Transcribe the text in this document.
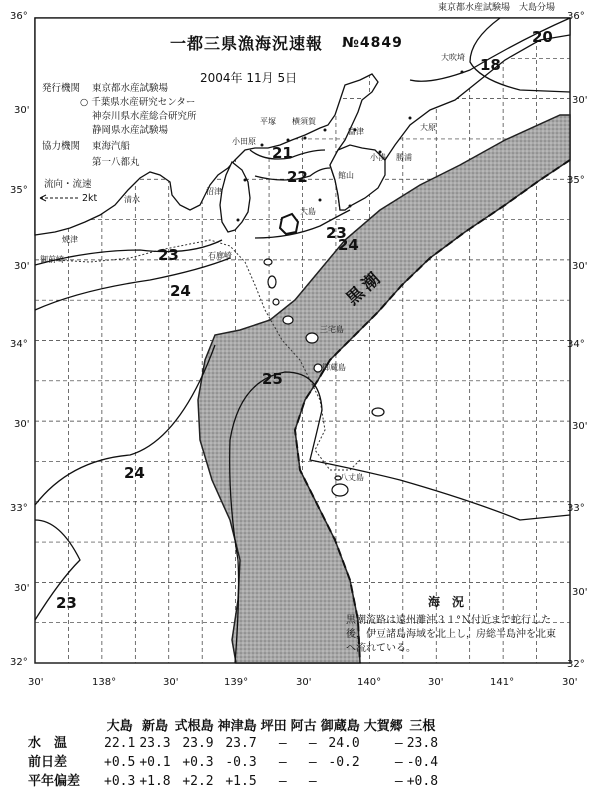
東京都水産試験場　大島分場
一都三県漁海況速報 №4849
2004年 11月 5日
発行機関 東京都水産試験場
○ 千葉県水産研究センター
神奈川県水産総合研究所
静岡県水産試験場
協力機関 東海汽船
第一八都丸
流向・流速
2kt
36°
30'
35°
30'
34°
30'
33°
30'
32°
36°
30'
35°
30'
34°
30'
33°
30'
32°
30'	138°	30'	139°	30'	140°	30'	141°	30'
20
18
21
22
23
24
23
24
25
24
23
黒潮
大吹埼
大原
小湊 勝浦
館山
平塚 横須賀
小田原
富津
大島
八丈島
御蔵島
三宅島
焼津
御前崎
清水
沼津
石廊崎
海　況
黒潮流路は遠州灘沖３１°Ｎ付近まで蛇行した後，伊豆諸島海域を北上し，房総半島沖を北東へ流れている。
	大島	新島	式根島	神津島	坪田	阿古	御蔵島	大賀郷	三根
水　温	22.1	23.3	23.9	23.7	―	―	24.0	―	23.8
前日差	+0.5	+0.1	+0.3	-0.3	―	―	-0.2	―	-0.4
平年偏差	+0.3	+1.8	+2.2	+1.5	―	―		―	+0.8
